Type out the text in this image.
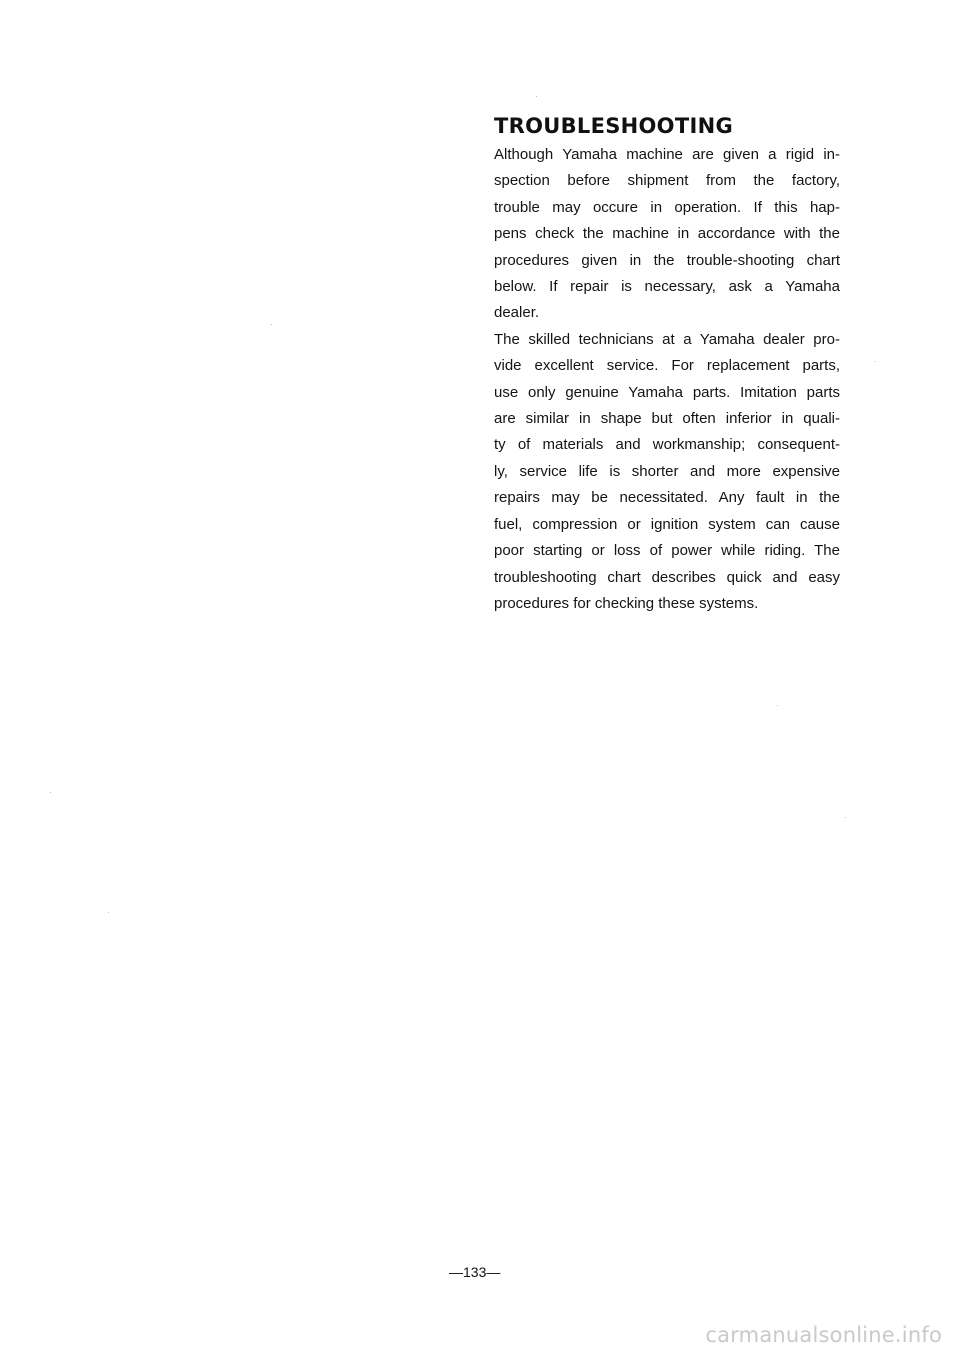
TROUBLESHOOTING

Although Yamaha machine are given a rigid in-
spection before shipment from the factory,
trouble may occure in operation. If this hap-
pens check the machine in accordance with the
procedures given in the trouble-shooting chart
below. If repair is necessary, ask a Yamaha
dealer.

The skilled technicians at a Yamaha dealer pro-
vide excellent service. For replacement parts,
use only genuine Yamaha parts. Imitation parts
are similar in shape but often inferior in quali-
ty of materials and workmanship; consequent-
ly, service life is shorter and more expensive
repairs may be necessitated. Any fault in the
fuel, compression or ignition system can cause
poor starting or loss of power while riding. The
troubleshooting chart describes quick and easy
procedures for checking these systems.

—133—
carmanualsonline.info
